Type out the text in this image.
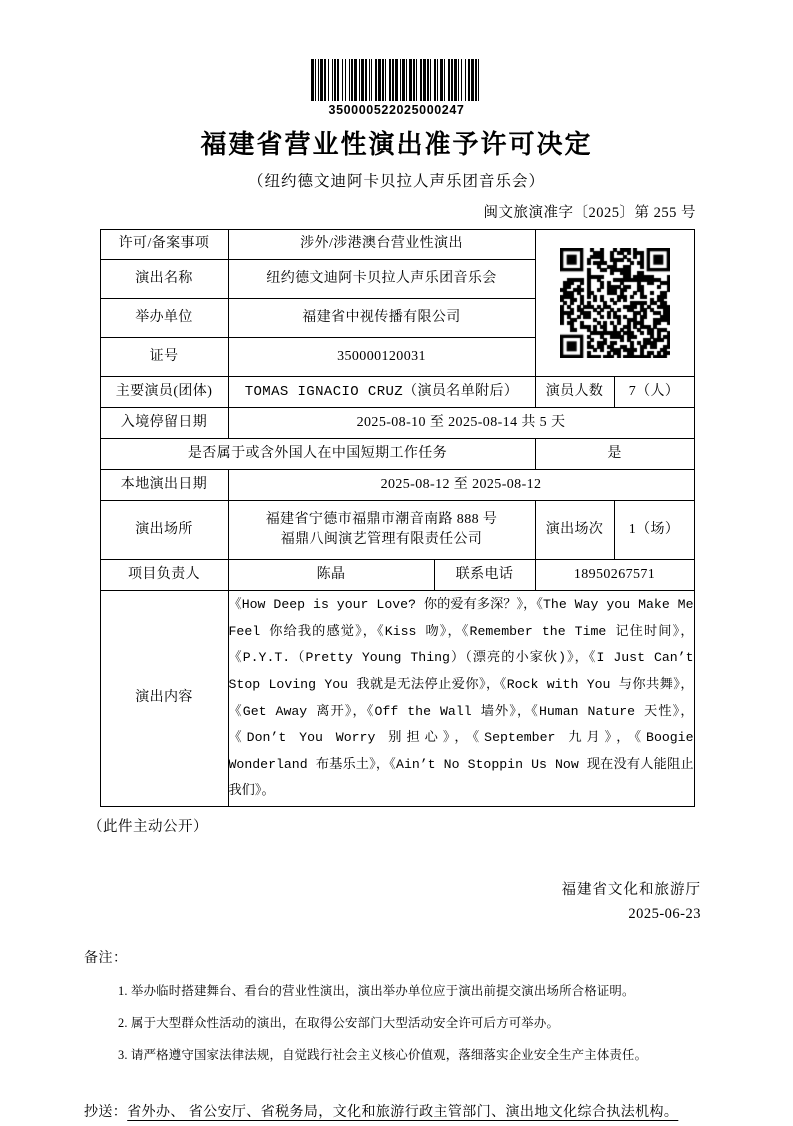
350000522025000247
福建省营业性演出准予许可决定
（纽约德文迪阿卡贝拉人声乐团音乐会）
闽文旅演准字〔2025〕第 255 号
许可/备案事项	涉外/涉港澳台营业性演出	

演出名称	纽约德文迪阿卡贝拉人声乐团音乐会			
举办单位	福建省中视传播有限公司			
证号	350000120031			
主要演员(团体)	TOMAS IGNACIO CRUZ（演员名单附后）		演员人数	7（人）
入境停留日期	2025-08-10 至 2025-08-14 共 5 天			
是否属于或含外国人在中国短期工作任务			是	
本地演出日期	2025-08-12 至 2025-08-12			
演出场所	福建省宁德市福鼎市潮音南路 888 号
福鼎八闽演艺管理有限责任公司		演出场次	1（场）
项目负责人	陈晶	联系电话	18950267571	
演出内容	《How Deep is your Love? 你的爱有多深？》，《The Way you Make Me Feel 你给我的感觉》，《Kiss 吻》，《Remember the Time 记住时间》，《P.Y.T.（Pretty Young Thing）（漂亮的小家伙)》，《I Just Can’t Stop Loving You 我就是无法停止爱你》，《Rock with You 与你共舞》，《Get Away 离开》，《Off the Wall 墙外》，《Human Nature 天性》，《Don’t You Worry 别担心》，《September 九月》，《Boogie Wonderland 布基乐土》，《Ain’t No Stoppin Us Now 现在没有人能阻止我们》。			
（此件主动公开）
福建省文化和旅游厅
2025-06-23
备注：
1. 举办临时搭建舞台、看台的营业性演出，演出举办单位应于演出前提交演出场所合格证明。
2. 属于大型群众性活动的演出，在取得公安部门大型活动安全许可后方可举办。
3. 请严格遵守国家法律法规，自觉践行社会主义核心价值观，落细落实企业安全生产主体责任。
抄送：省外办、 省公安厅、省税务局，文化和旅游行政主管部门、演出地文化综合执法机构。
